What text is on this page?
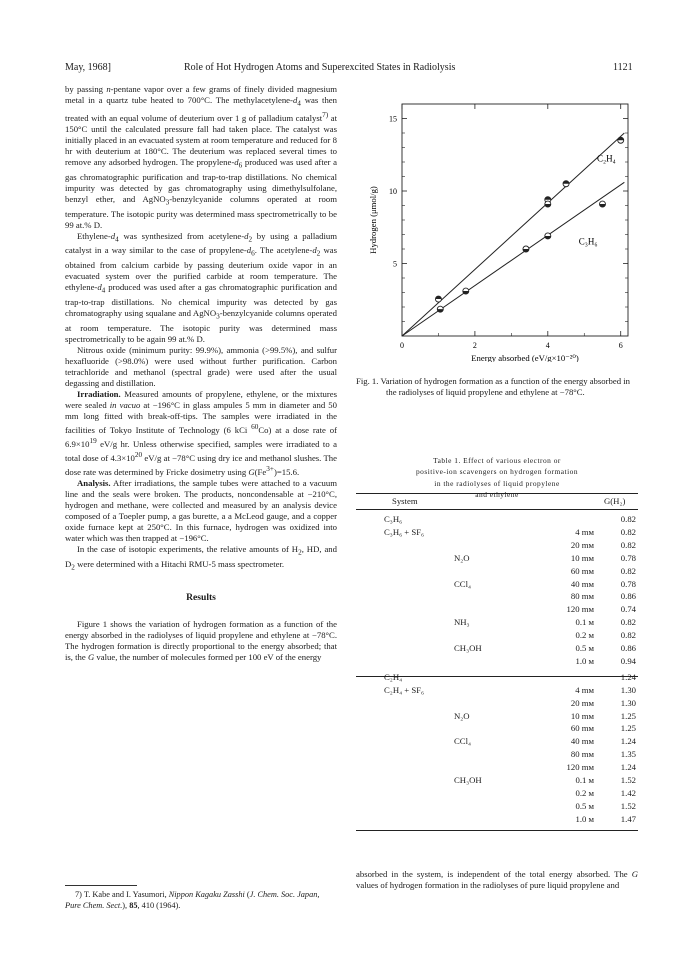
May, 1968]	Role of Hot Hydrogen Atoms and Superexcited States in Radiolysis	1121

by passing n-pentane vapor over a few grams of finely divided magnesium metal in a quartz tube heated to 700°C. The methylacetylene-$d_4$ was then treated with an equal volume of deuterium over 1 g of palladium catalyst$^{7)}$ at 150°C until the calculated pressure fall had taken place. The catalyst was initially placed in an evacuated system at room temperature and reduced for 8 hr with deuterium at 180°C. The deuterium was replaced several times to remove any adsorbed hydrogen. The propylene-$d_6$ produced was used after a gas chromatographic purification and trap-to-trap distillations. No chemical impurity was detected by gas chromatography using dimethylsulfolane, benzyl ether, and AgNO$_3$-benzylcyanide columns operated at room temperature. The isotopic purity was determined mass spectrometrically to be 99 at.% D.

Ethylene-$d_4$ was synthesized from acetylene-$d_2$ by using a palladium catalyst in a way similar to the case of propylene-$d_6$. The acetylene-$d_2$ was obtained from calcium carbide by passing deuterium oxide vapor in an evacuated system over the purified carbide at room temperature. The ethylene-$d_4$ produced was used after a gas chromatographic purification and trap-to-trap distillations. No chemical impurity was detected by gas chromatography using squalane and AgNO$_3$-benzylcyanide columns operated at room temperature. The isotopic purity was determined mass spectrometrically to be again 99 at.% D.

Nitrous oxide (minimum purity: 99.9%), ammonia (>99.5%), and sulfur hexafluoride (>98.0%) were used without further purification. Carbon tetrachloride and methanol (spectral grade) were used after the usual degassing and distillation.

Irradiation. Measured amounts of propylene, ethylene, or the mixtures were sealed in vacuo at −196°C in glass ampules 5 mm in diameter and 50 mm long fitted with break-off-tips. The samples were irradiated in the facilities of Tokyo Institute of Technology (6 kCi $^{60}$Co) at a dose rate of $6.9\times 10^{19}$ eV/g hr. Unless otherwise specified, samples were irradiated to a total dose of $4.3\times 10^{20}$ eV/g at −78°C using dry ice and methanol slushes. The dose rate was determined by Fricke dosimetry using $G(Fe^{3+})=15.6$.

Analysis. After irradiations, the sample tubes were attached to a vacuum line and the seals were broken. The products, noncondensable at −210°C, hydrogen and methane, were collected and measured by an analysis device composed of a Toepler pump, a gas burette, a a McLeod gauge, and a copper oxide furnace kept at 250°C. In this furnace, hydrogen was oxidized into water which was then trapped at −196°C.

In the case of isotopic experiments, the relative amounts of $H_2$, HD, and $D_2$ were determined with a Hitachi RMU-5 mass spectrometer.

Results

Figure 1 shows the variation of hydrogen formation as a function of the energy absorbed in the radiolyses of liquid propylene and ethylene at −78°C. The hydrogen formation is directly proportional to the energy absorbed; that is, the G value, the number of molecules formed per 100 eV of the energy

7) T. Kabe and I. Yasumori, Nippon Kagaku Zasshi (J. Chem. Soc. Japan, Pure Chem. Sect.), 85, 410 (1964).

0	2	4	6
5
10
15
Energy absorbed (eV/g×10⁻²⁰)
Hydrogen (μmol/g)
C₂H₄
C₃H₆

Fig. 1. Variation of hydrogen formation as a function of the energy absorbed in the radiolyses of liquid propylene and ethylene at −78°C.

Table 1. Effect of various electron or
positive-ion scavengers on hydrogen formation
in the radiolyses of liquid propylene
and ethylene
System	G(H₂)
C₃H₆	0.82
C₃H₆ + SF₆	4 mм	0.82
20 mм	0.82
N₂O	10 mм	0.78
60 mм	0.82
CCl₄	40 mм	0.78
80 mм	0.86
120 mм	0.74
NH₃	0.1 м	0.82
0.2 м	0.82
CH₃OH	0.5 м	0.86
1.0 м	0.94
C₂H₄	1.24
C₂H₄ + SF₆	4 mм	1.30
20 mм	1.30
N₂O	10 mм	1.25
60 mм	1.25
CCl₄	40 mм	1.24
80 mм	1.35
120 mм	1.24
CH₃OH	0.1 м	1.52
0.2 м	1.42
0.5 м	1.52
1.0 м	1.47

absorbed in the system, is independent of the total energy absorbed. The G values of hydrogen formation in the radiolyses of pure liquid propylene and
